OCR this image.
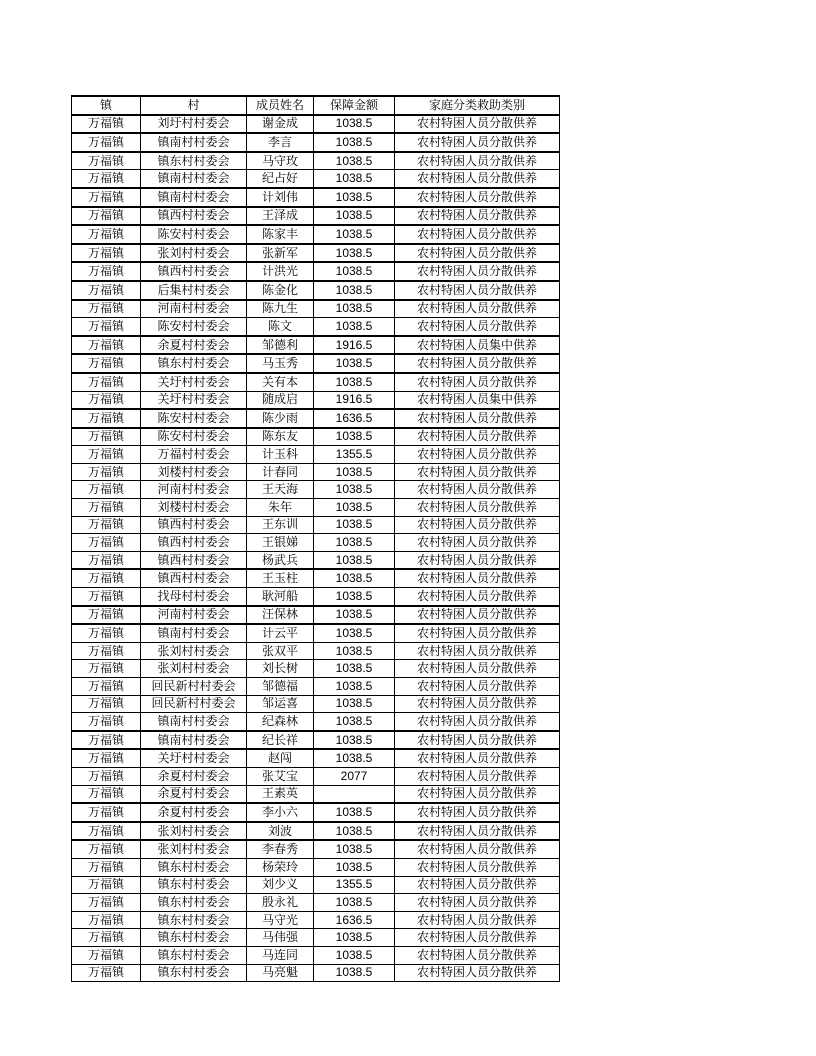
镇	村	成员姓名	保障金额	家庭分类救助类别
万福镇	刘圩村村委会	谢金成	1038.5	农村特困人员分散供养
万福镇	镇南村村委会	李言	1038.5	农村特困人员分散供养
万福镇	镇东村村委会	马守玫	1038.5	农村特困人员分散供养
万福镇	镇南村村委会	纪占好	1038.5	农村特困人员分散供养
万福镇	镇南村村委会	计刘伟	1038.5	农村特困人员分散供养
万福镇	镇西村村委会	王泽成	1038.5	农村特困人员分散供养
万福镇	陈安村村委会	陈家丰	1038.5	农村特困人员分散供养
万福镇	张刘村村委会	张新军	1038.5	农村特困人员分散供养
万福镇	镇西村村委会	计洪光	1038.5	农村特困人员分散供养
万福镇	后集村村委会	陈金化	1038.5	农村特困人员分散供养
万福镇	河南村村委会	陈九生	1038.5	农村特困人员分散供养
万福镇	陈安村村委会	陈文	1038.5	农村特困人员分散供养
万福镇	余夏村村委会	邹德利	1916.5	农村特困人员集中供养
万福镇	镇东村村委会	马玉秀	1038.5	农村特困人员分散供养
万福镇	关圩村村委会	关有本	1038.5	农村特困人员分散供养
万福镇	关圩村村委会	随成启	1916.5	农村特困人员集中供养
万福镇	陈安村村委会	陈少雨	1636.5	农村特困人员分散供养
万福镇	陈安村村委会	陈东友	1038.5	农村特困人员分散供养
万福镇	万福村村委会	计玉科	1355.5	农村特困人员分散供养
万福镇	刘楼村村委会	计春同	1038.5	农村特困人员分散供养
万福镇	河南村村委会	王天海	1038.5	农村特困人员分散供养
万福镇	刘楼村村委会	朱年	1038.5	农村特困人员分散供养
万福镇	镇西村村委会	王东训	1038.5	农村特困人员分散供养
万福镇	镇西村村委会	王银娣	1038.5	农村特困人员分散供养
万福镇	镇西村村委会	杨武兵	1038.5	农村特困人员分散供养
万福镇	镇西村村委会	王玉柱	1038.5	农村特困人员分散供养
万福镇	找母村村委会	耿河船	1038.5	农村特困人员分散供养
万福镇	河南村村委会	汪保林	1038.5	农村特困人员分散供养
万福镇	镇南村村委会	计云平	1038.5	农村特困人员分散供养
万福镇	张刘村村委会	张双平	1038.5	农村特困人员分散供养
万福镇	张刘村村委会	刘长树	1038.5	农村特困人员分散供养
万福镇	回民新村村委会	邹德福	1038.5	农村特困人员分散供养
万福镇	回民新村村委会	邹运喜	1038.5	农村特困人员分散供养
万福镇	镇南村村委会	纪森林	1038.5	农村特困人员分散供养
万福镇	镇南村村委会	纪长祥	1038.5	农村特困人员分散供养
万福镇	关圩村村委会	赵闯	1038.5	农村特困人员分散供养
万福镇	余夏村村委会	张艾宝	2077	农村特困人员分散供养
万福镇	余夏村村委会	王素英		农村特困人员分散供养
万福镇	余夏村村委会	李小六	1038.5	农村特困人员分散供养
万福镇	张刘村村委会	刘波	1038.5	农村特困人员分散供养
万福镇	张刘村村委会	李春秀	1038.5	农村特困人员分散供养
万福镇	镇东村村委会	杨荣玲	1038.5	农村特困人员分散供养
万福镇	镇东村村委会	刘少义	1355.5	农村特困人员分散供养
万福镇	镇东村村委会	殷永礼	1038.5	农村特困人员分散供养
万福镇	镇东村村委会	马守光	1636.5	农村特困人员分散供养
万福镇	镇东村村委会	马伟强	1038.5	农村特困人员分散供养
万福镇	镇东村村委会	马连同	1038.5	农村特困人员分散供养
万福镇	镇东村村委会	马亮魁	1038.5	农村特困人员分散供养
